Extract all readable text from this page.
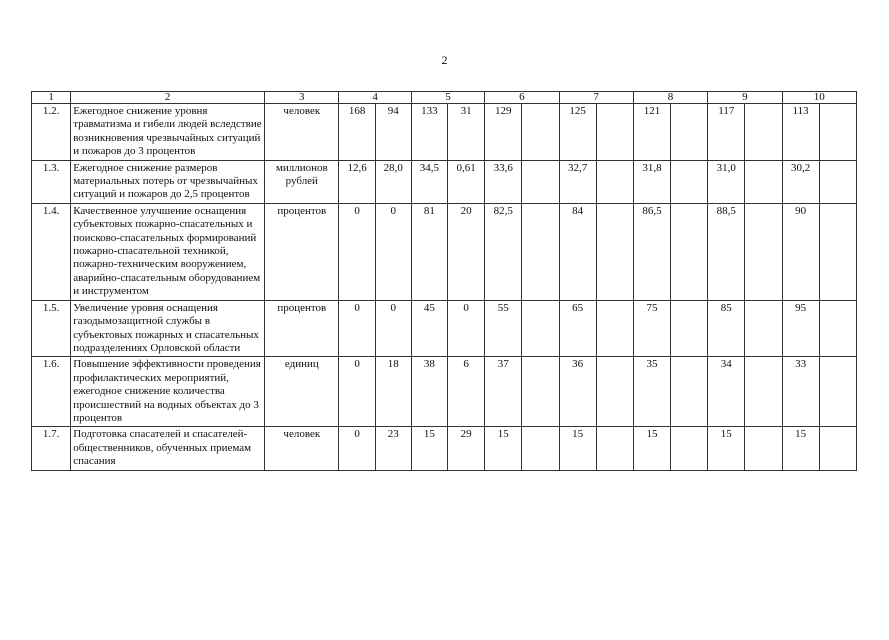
2
1	2	3	4		5		6		7		8		9		10	
1.2.	Ежегодное снижение уровня травматизма и гибели людей вследствие возникновения чрезвычайных ситуаций и пожаров до 3 процентов	человек	168	94	133	31	129		125		121		117		113	
1.3.	Ежегодное снижение размеров материальных потерь от чрезвычайных ситуаций и пожаров до 2,5 процентов	миллионов рублей	12,6	28,0	34,5	0,61	33,6		32,7		31,8		31,0		30,2	
1.4.	Качественное улучшение оснащения субъектовых пожарно-спасательных и поисково-спасательных формирований пожарно-спасательной техникой, пожарно-техническим вооружением, аварийно-спасательным оборудованием и инструментом	процентов	0	0	81	20	82,5		84		86,5		88,5		90	
1.5.	Увеличение уровня оснащения газодымозащитной службы в субъектовых пожарных и спасательных подразделениях Орловской области	процентов	0	0	45	0	55		65		75		85		95	
1.6.	Повышение эффективности проведения профилактических мероприятий, ежегодное снижение количества происшествий на водных объектах до 3 процентов	единиц	0	18	38	6	37		36		35		34		33	
1.7.	Подготовка спасателей и спасателей-общественников, обученных приемам спасания	человек	0	23	15	29	15		15		15		15		15	
